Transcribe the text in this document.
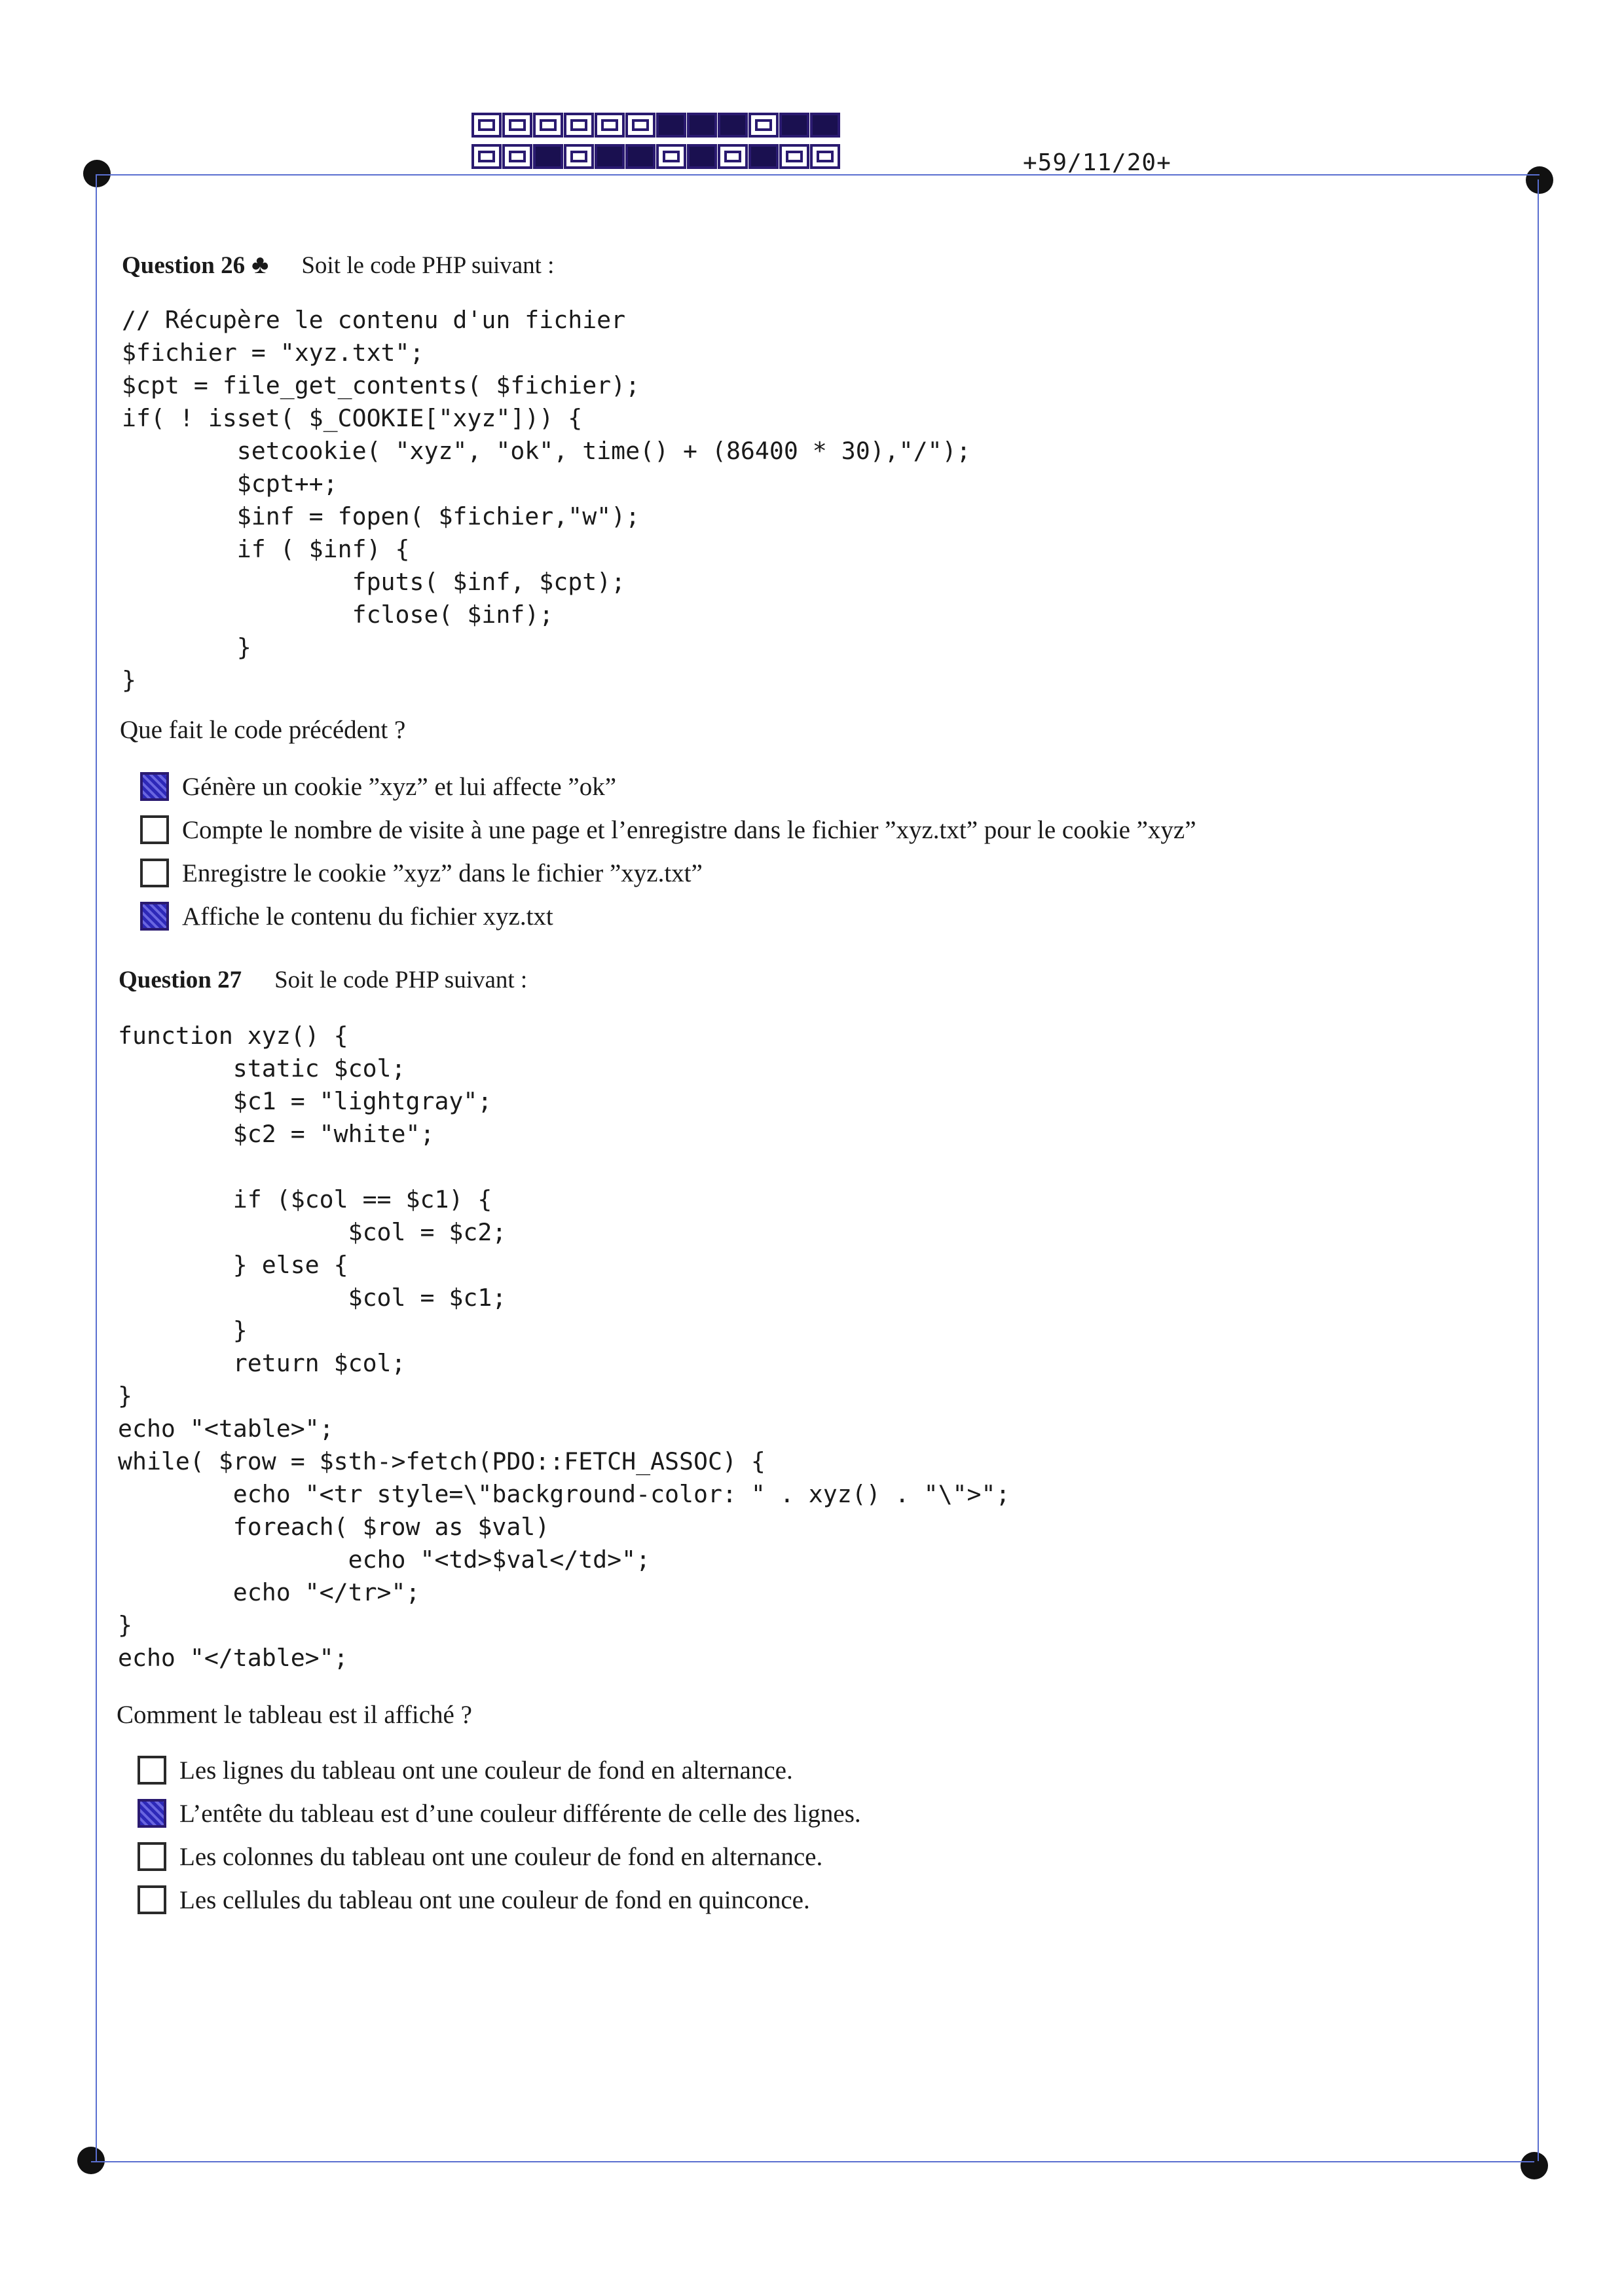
+59/11/20+
Question 26 ♣ Soit le code PHP suivant :
// Récupère le contenu d'un fichier
$fichier = "xyz.txt";
$cpt = file_get_contents( $fichier);
if( ! isset( $_COOKIE["xyz"])) {
setcookie( "xyz", "ok", time() + (86400 * 30),"/");
$cpt++;
$inf = fopen( $fichier,"w");
if ( $inf) {
fputs( $inf, $cpt);
fclose( $inf);
}
}
Que fait le code précédent ?
Génère un cookie ”xyz” et lui affecte ”ok”
Compte le nombre de visite à une page et l’enregistre dans le fichier ”xyz.txt” pour le cookie ”xyz”
Enregistre le cookie ”xyz” dans le fichier ”xyz.txt”
Affiche le contenu du fichier xyz.txt
Question 27 Soit le code PHP suivant :
function xyz() {
static $col;
$c1 = "lightgray";
$c2 = "white";

if ($col == $c1) {
$col = $c2;
} else {
$col = $c1;
}
return $col;
}
echo "<table>";
while( $row = $sth->fetch(PDO::FETCH_ASSOC) {
echo "<tr style=\"background-color: " . xyz() . "\">";
foreach( $row as $val)
echo "<td>$val</td>";
echo "</tr>";
}
echo "</table>";
Comment le tableau est il affiché ?
Les lignes du tableau ont une couleur de fond en alternance.
L’entête du tableau est d’une couleur différente de celle des lignes.
Les colonnes du tableau ont une couleur de fond en alternance.
Les cellules du tableau ont une couleur de fond en quinconce.
